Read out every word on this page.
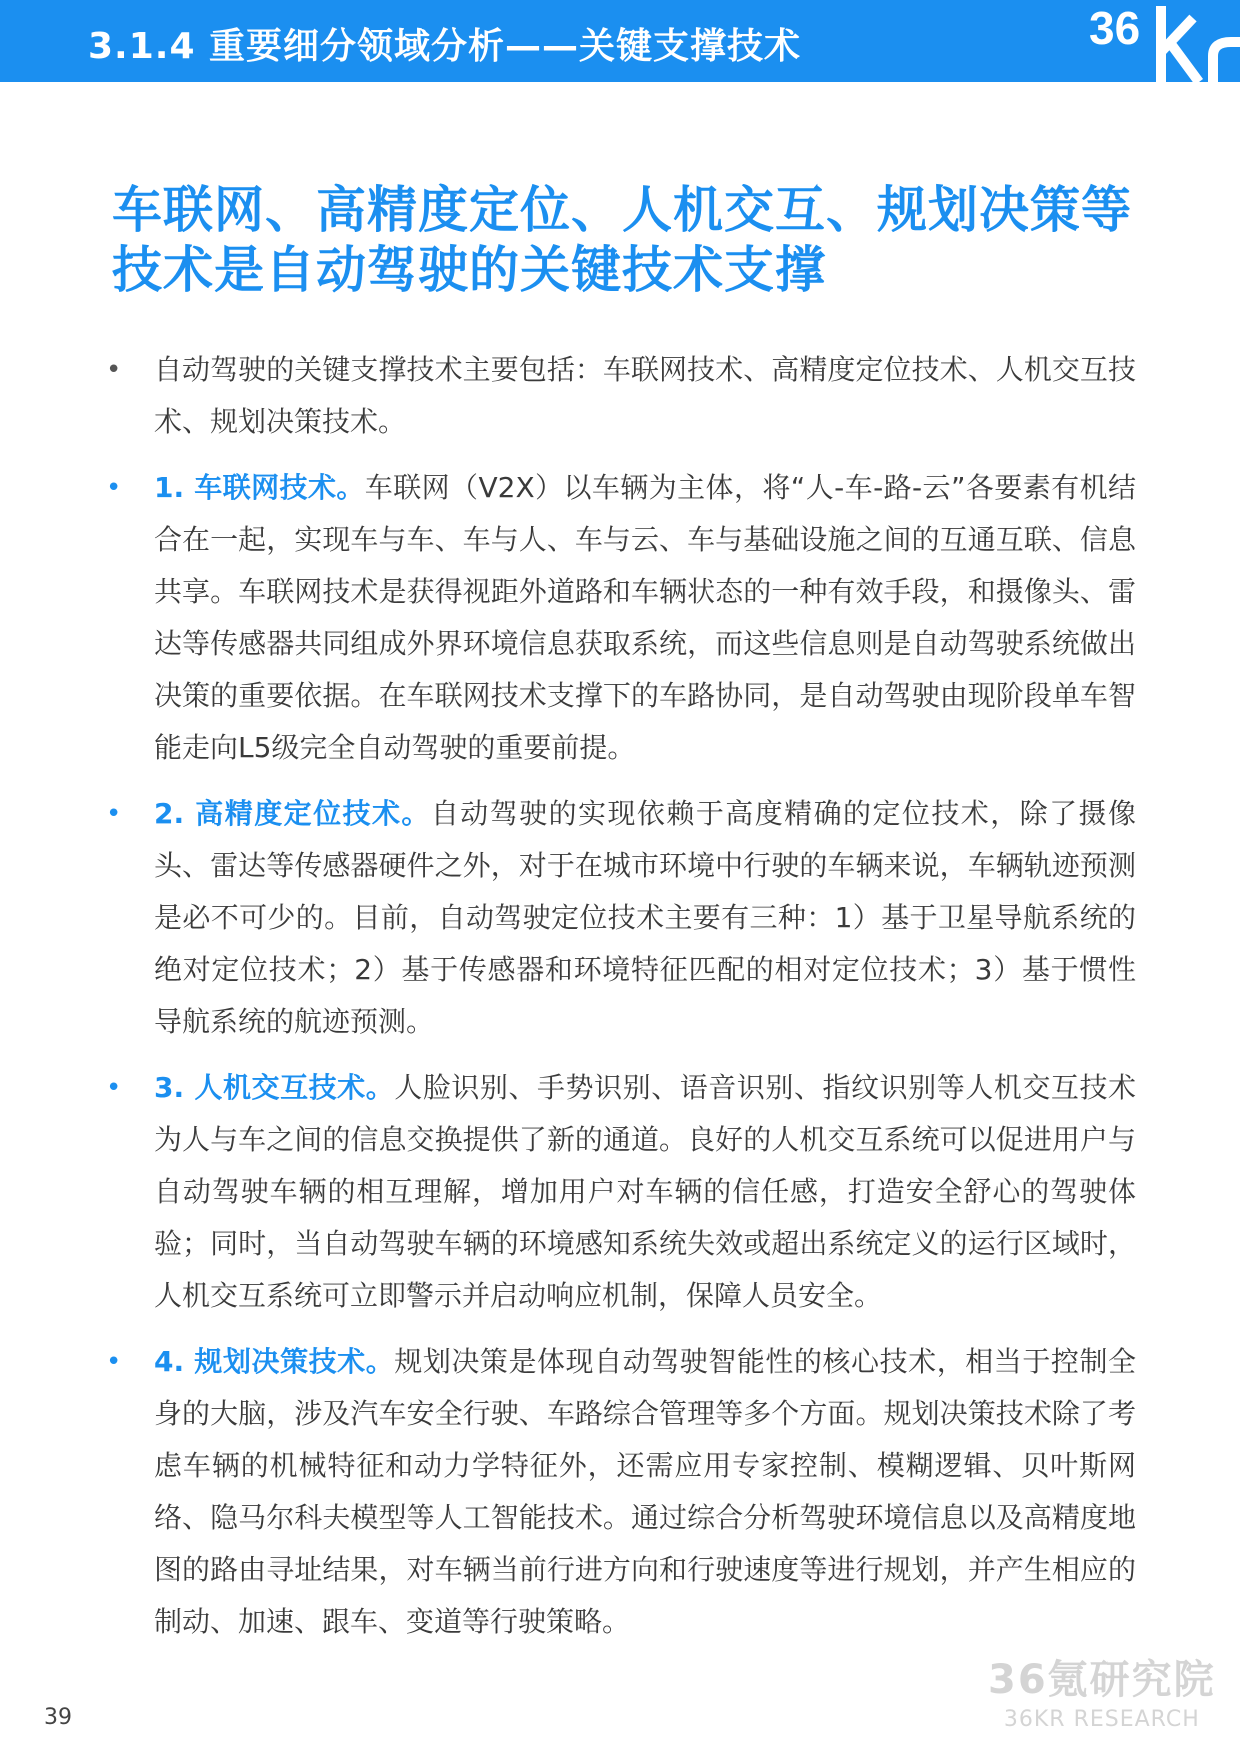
3.1.4 重要细分领域分析——关键支撑技术	36
车联网、高精度定位、人机交互、规划决策等
技术是自动驾驶的关键技术支撑
• 自动驾驶的关键支撑技术主要包括：车联网技术、高精度定位技术、人机交互技术、规划决策技术。
• 1. 车联网技术。车联网（V2X）以车辆为主体，将“人-车-路-云”各要素有机结合在一起，实现车与车、车与人、车与云、车与基础设施之间的互通互联、信息共享。车联网技术是获得视距外道路和车辆状态的一种有效手段，和摄像头、雷达等传感器共同组成外界环境信息获取系统，而这些信息则是自动驾驶系统做出决策的重要依据。在车联网技术支撑下的车路协同，是自动驾驶由现阶段单车智能走向L5级完全自动驾驶的重要前提。
• 2. 高精度定位技术。自动驾驶的实现依赖于高度精确的定位技术，除了摄像头、雷达等传感器硬件之外，对于在城市环境中行驶的车辆来说，车辆轨迹预测是必不可少的。目前，自动驾驶定位技术主要有三种：1）基于卫星导航系统的绝对定位技术；2）基于传感器和环境特征匹配的相对定位技术；3）基于惯性导航系统的航迹预测。
• 3. 人机交互技术。人脸识别、手势识别、语音识别、指纹识别等人机交互技术为人与车之间的信息交换提供了新的通道。良好的人机交互系统可以促进用户与自动驾驶车辆的相互理解，增加用户对车辆的信任感，打造安全舒心的驾驶体验；同时，当自动驾驶车辆的环境感知系统失效或超出系统定义的运行区域时，人机交互系统可立即警示并启动响应机制，保障人员安全。
• 4. 规划决策技术。规划决策是体现自动驾驶智能性的核心技术，相当于控制全身的大脑，涉及汽车安全行驶、车路综合管理等多个方面。规划决策技术除了考虑车辆的机械特征和动力学特征外，还需应用专家控制、模糊逻辑、贝叶斯网络、隐马尔科夫模型等人工智能技术。通过综合分析驾驶环境信息以及高精度地图的路由寻址结果，对车辆当前行进方向和行驶速度等进行规划，并产生相应的制动、加速、跟车、变道等行驶策略。
39
36氪研究院
36KR RESEARCH
